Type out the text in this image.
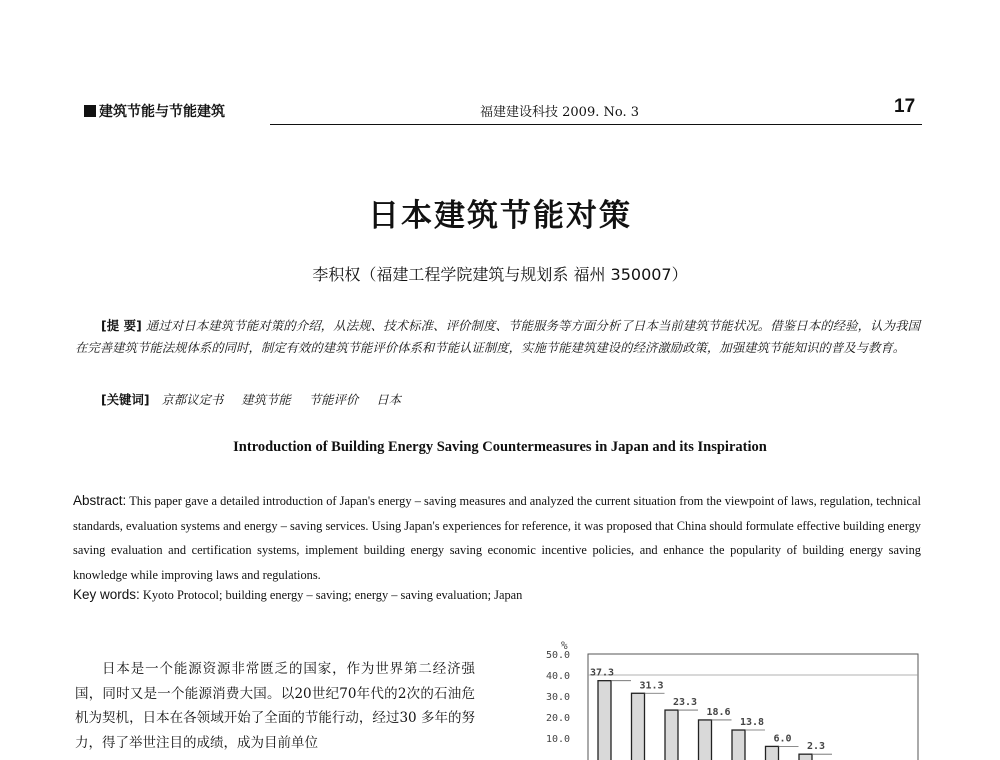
建筑节能与节能建筑	福建建设科技 2009. No. 3	17
日本建筑节能对策
李积权（福建工程学院建筑与规划系 福州 350007）
[提 要] 通过对日本建筑节能对策的介绍，从法规、技术标准、评价制度、节能服务等方面分析了日本当前建筑节能状况。借鉴日本的经验，认为我国在完善建筑节能法规体系的同时，制定有效的建筑节能评价体系和节能认证制度，实施节能建筑建设的经济激励政策，加强建筑节能知识的普及与教育。
[关键词] 京都议定书 建筑节能 节能评价 日本
Introduction of Building Energy Saving Countermeasures in Japan and its Inspiration
Abstract: This paper gave a detailed introduction of Japan's energy – saving measures and analyzed the current situation from the viewpoint of laws, regulation, technical standards, evaluation systems and energy – saving services. Using Japan's experiences for reference, it was proposed that China should formulate effective building energy saving evaluation and certification systems, implement building energy saving economic incentive policies, and enhance the popularity of building energy saving knowledge while improving laws and regulations.
Key words: Kyoto Protocol; building energy – saving; energy – saving evaluation; Japan
日本是一个能源资源非常匮乏的国家，作为世界第二经济强国，同时又是一个能源消费大国。以20世纪70年代的2次的石油危机为契机，日本在各领域开始了全面的节能行动，经过30 多年的努力，得了举世注目的成绩，成为目前单位
%
50.0
40.0
30.0
20.0
10.0
37.3
31.3
23.3
18.6
13.8
6.0
2.3
